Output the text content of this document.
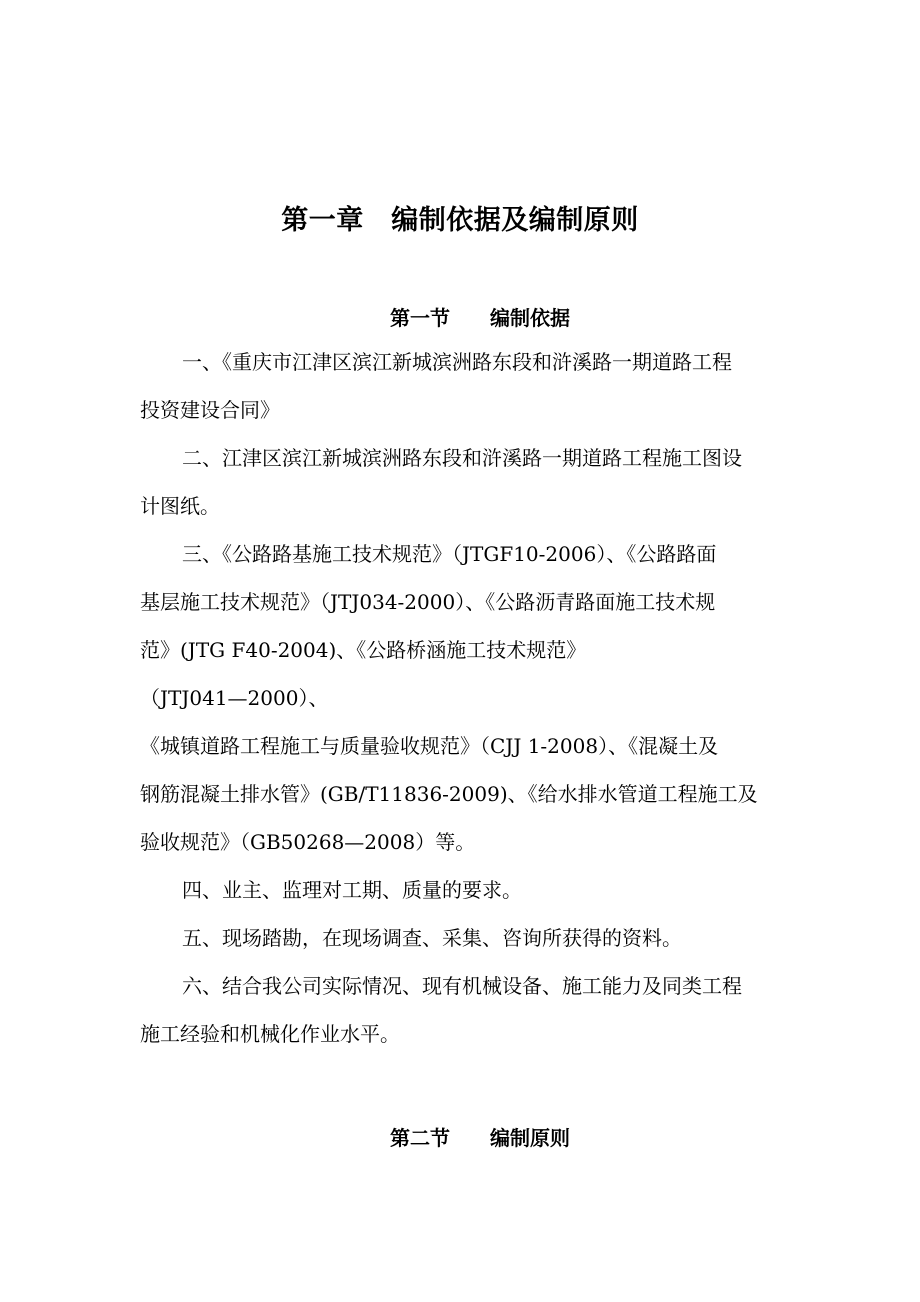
第一章　编制依据及编制原则
第一节　　编制依据
一、《重庆市江津区滨江新城滨洲路东段和浒溪路一期道路工程
投资建设合同》
二、江津区滨江新城滨洲路东段和浒溪路一期道路工程施工图设
计图纸。
三、《公路路基施工技术规范》（JTGF10-2006）、《公路路面
基层施工技术规范》（JTJ034-2000）、《公路沥青路面施工技术规
范》(JTG F40-2004)、《公路桥涵施工技术规范》
（JTJ041—2000）、
《城镇道路工程施工与质量验收规范》（CJJ 1-2008）、《混凝土及
钢筋混凝土排水管》(GB/T11836-2009)、《给水排水管道工程施工及
验收规范》（GB50268—2008）等。
四、业主、监理对工期、质量的要求。
五、现场踏勘，在现场调查、采集、咨询所获得的资料。
六、结合我公司实际情况、现有机械设备、施工能力及同类工程
施工经验和机械化作业水平。
第二节　　编制原则
